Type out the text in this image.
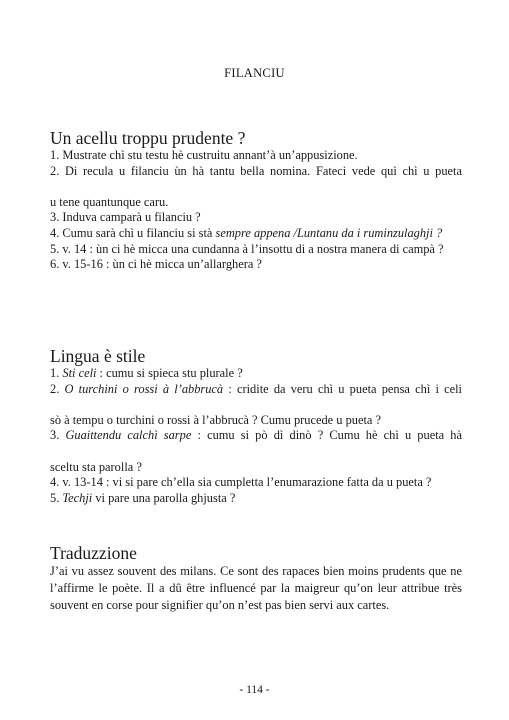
FILANCIU
Un acellu troppu prudente ?
1. Mustrate chì stu testu hè custruitu annant’à un’appusizione.
2. Di recula u filanciu ùn hà tantu bella nomina. Fateci vede quì chì u pueta
u tene quantunque caru.
3. Induva camparà u filanciu ?
4. Cumu sarà chì u filanciu si stà sempre appena /Luntanu da i ruminzulaghji ?
5. v. 14 : ùn ci hè micca una cundanna à l’insottu di a nostra manera di campà ?
6. v. 15-16 : ùn ci hè micca un’allarghera ?
Lingua è stile
1. Sti celi : cumu si spieca stu plurale ?
2. O turchini o rossi à l’abbrucà : cridite da veru chì u pueta pensa chì i celi
sò à tempu o turchini o rossi à l’abbrucà ? Cumu prucede u pueta ?
3. Guaittendu calchì sarpe : cumu si pò dì dinò ? Cumu hè chì u pueta hà
sceltu sta parolla ?
4. v. 13-14 : vi si pare ch’ella sia cumpletta l’enumarazione fatta da u pueta ?
5. Techji vi pare una parolla ghjusta ?
Traduzzione
J’ai vu assez souvent des milans. Ce sont des rapaces bien moins prudents que ne l’affirme le poète. Il a dû être influencé par la maigreur qu’on leur attribue très souvent en corse pour signifier qu’on n’est pas bien servi aux cartes.
- 114 -
